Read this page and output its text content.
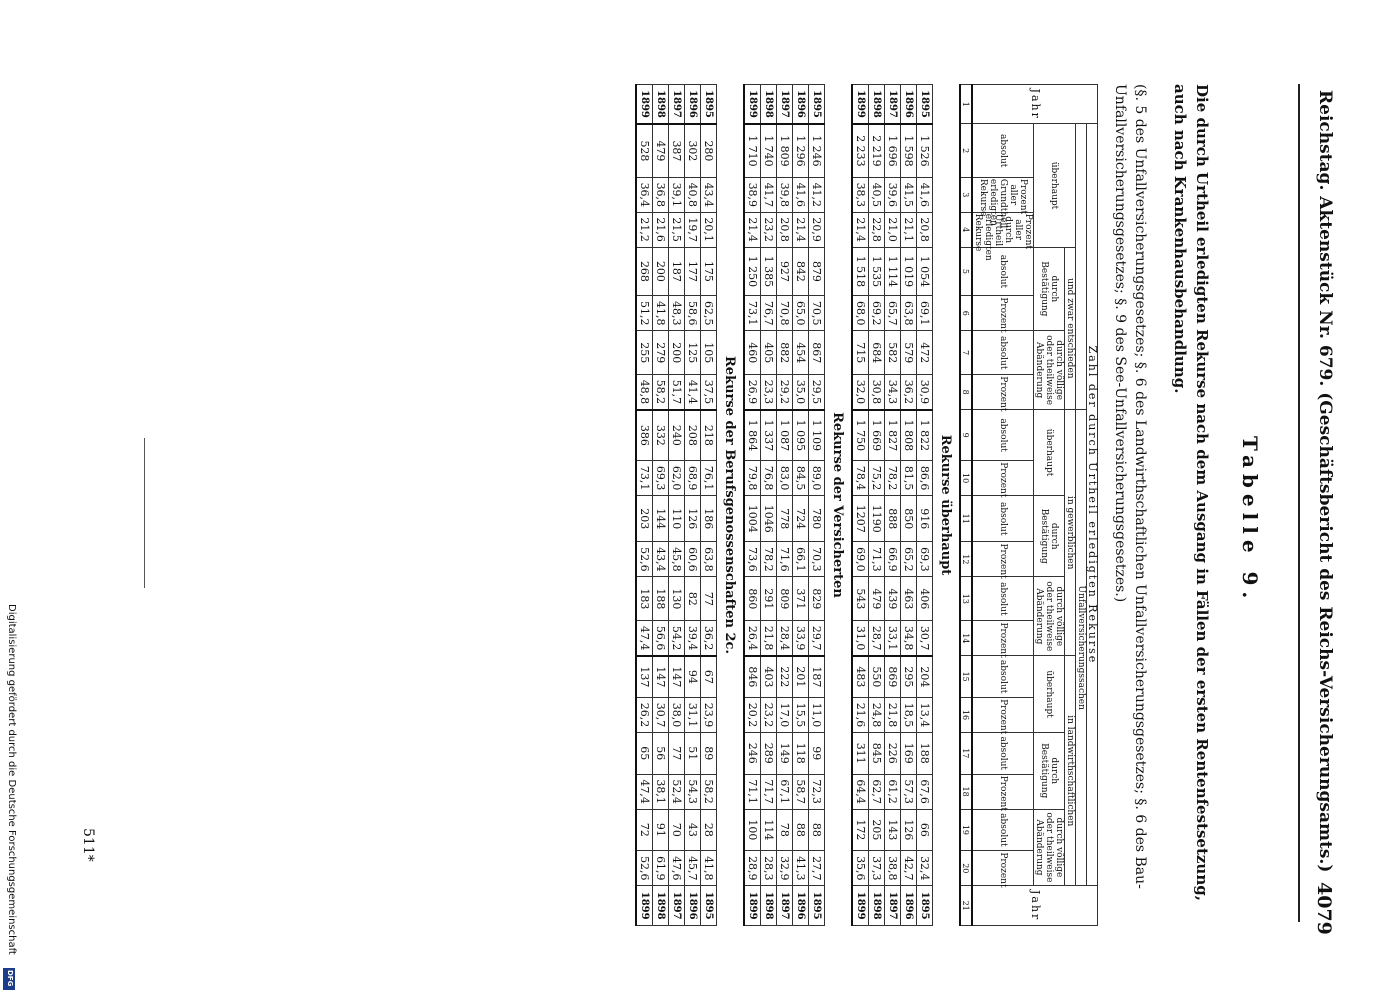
Reichstag. Aktenstück Nr. 679. (Geschäftsbericht des Reichs-Versicherungsamts.)
4079
Tabelle 9.
Die durch Urtheil erledigten Rekurse nach dem Ausgang in Fällen der ersten Rentenfestsetzung, auch nach Krankenhausbehandlung.
(§. 5 des Unfallversicherungsgesetzes; §. 6 des Landwirthschaftlichen Unfallversicherungsgesetzes; §. 6 des Bau-Unfallversicherungsgesetzes; §. 9 des See-Unfallversicherungsgesetzes.)
Jahr	Zahl der durch Urtheil erledigten Rekurse																			Jahr
								Unfallversicherungssachen												
	überhaupt			und zwar entschieden				in gewerblichen						in landwirthschaftlichen						
				durch Bestätigung		durch völlige oder theilweise Abänderung		überhaupt		durch Bestätigung		durch völlige oder theilweise Abänderung		überhaupt		durch Bestätigung		durch völlige oder theilweise Abänderung		
	absolut	Prozent aller Grundtheil erledigten Rekurse	Prozent aller durch Urtheil erledigten Rekurse	absolut	Prozent	absolut	Prozent	absolut	Prozent	absolut	Prozent	absolut	Prozent	absolut	Prozent	absolut	Prozent	absolut	Prozent	
1	2	3	4	5	6	7	8	9	10	11	12	13	14	15	16	17	18	19	20	21
Rekurse überhaupt																				
1895	1 526	41,6	20,8	1 054	69,1	472	30,9	1 822	86,6	916	69,3	406	30,7	204	13,4	188	67,6	66	32,4	1895
1896	1 598	41,5	21,1	1 019	63,8	579	36,2	1 808	81,5	850	65,2	463	34,8	295	18,5	169	57,3	126	42,7	1896
1897	1 696	39,6	21,0	1 114	65,7	582	34,3	1 827	78,2	888	66,9	439	33,1	869	21,8	226	61,2	143	38,8	1897
1898	2 219	40,5	22,8	1 535	69,2	684	30,8	1 669	75,2	1190	71,3	479	28,7	550	24,8	845	62,7	205	37,3	1898
1899	2 233	38,3	21,4	1 518	68,0	715	32,0	1 750	78,4	1207	69,0	543	31,0	483	21,6	311	64,4	172	35,6	1899
Rekurse der Versicherten																				
1895	1 246	41,2	20,9	879	70,5	867	29,5	1 109	89,0	780	70,3	829	29,7	187	11,0	99	72,3	88	27,7	1895
1896	1 296	41,6	21,4	842	65,0	454	35,0	1 095	84,5	724	66,1	371	33,9	201	15,5	118	58,7	88	41,3	1896
1897	1 809	39,8	20,8	927	70,8	882	29,2	1 087	83,0	778	71,6	809	28,4	222	17,0	149	67,1	78	32,9	1897
1898	1 740	41,7	23,2	1 385	76,7	405	23,3	1 337	76,8	1046	78,2	291	21,8	403	23,2	289	71,7	114	28,3	1898
1899	1 710	38,9	21,4	1 250	73,1	460	26,9	1 864	79,8	1004	73,6	860	26,4	846	20,2	246	71,1	100	28,9	1899
Rekurse der Berufsgenossenschaften 2c.																				
1895	280	43,4	20,1	175	62,5	105	37,5	218	76,1	186	63,8	77	36,2	67	23,9	89	58,2	28	41,8	1895
1896	302	40,8	19,7	177	58,6	125	41,4	208	68,9	126	60,6	82	39,4	94	31,1	51	54,3	43	45,7	1896
1897	387	39,1	21,5	187	48,3	200	51,7	240	62,0	110	45,8	130	54,2	147	38,0	77	52,4	70	47,6	1897
1898	479	36,8	21,6	200	41,8	279	58,2	332	69,3	144	43,4	188	56,6	147	30,7	56	38,1	91	61,9	1898
1899	528	36,4	21,2	268	51,2	255	48,8	386	73,1	203	52,6	183	47,4	137	26,2	65	47,4	72	52,6	1899
511*
Digitalisierung gefördert durch die Deutsche Forschungsgemeinschaft
DFG
